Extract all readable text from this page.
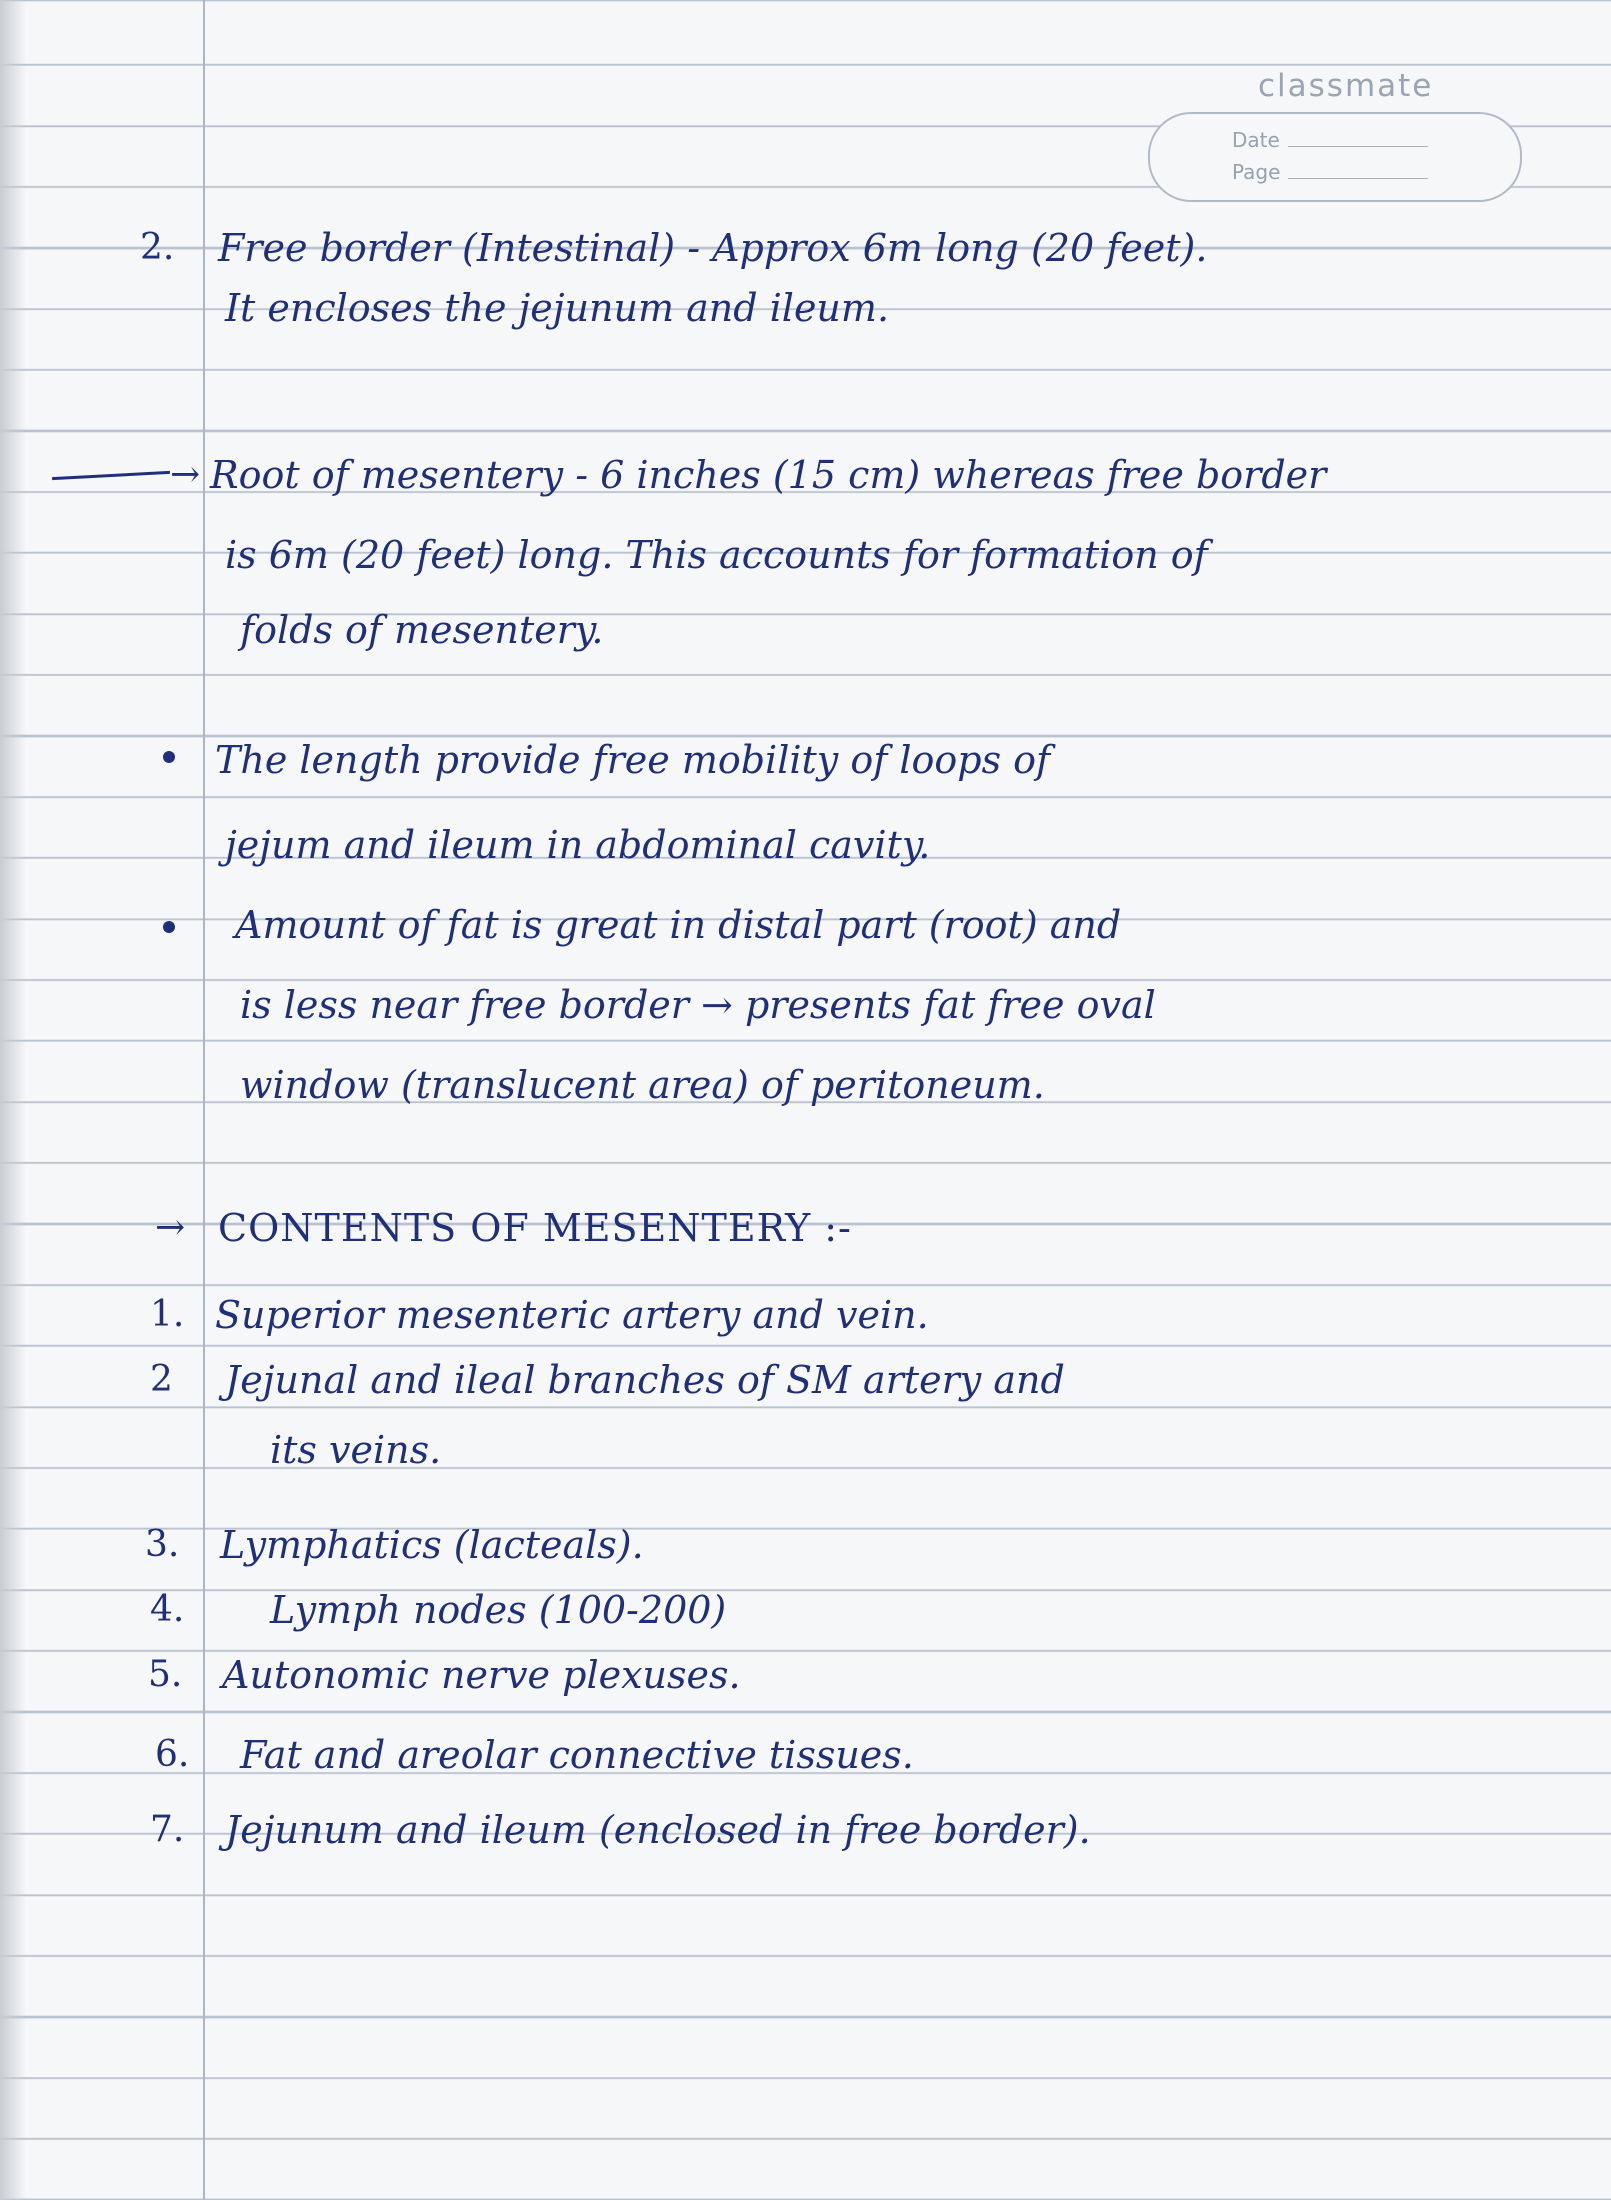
classmate
Date
Page
2. Free border (Intestinal) - Approx 6m long (20 feet).
It encloses the jejunum and ileum.
→ Root of mesentery - 6 inches (15 cm) whereas free border
is 6m (20 feet) long. This accounts for formation of
folds of mesentery.
The length provide free mobility of loops of
jejum and ileum in abdominal cavity.
Amount of fat is great in distal part (root) and
is less near free border → presents fat free oval
window (translucent area) of peritoneum.
→ CONTENTS OF MESENTERY :-
1. Superior mesenteric artery and vein.
2 Jejunal and ileal branches of SM artery and
its veins.
3. Lymphatics (lacteals).
4. Lymph nodes (100-200)
5. Autonomic nerve plexuses.
6. Fat and areolar connective tissues.
7. Jejunum and ileum (enclosed in free border).
